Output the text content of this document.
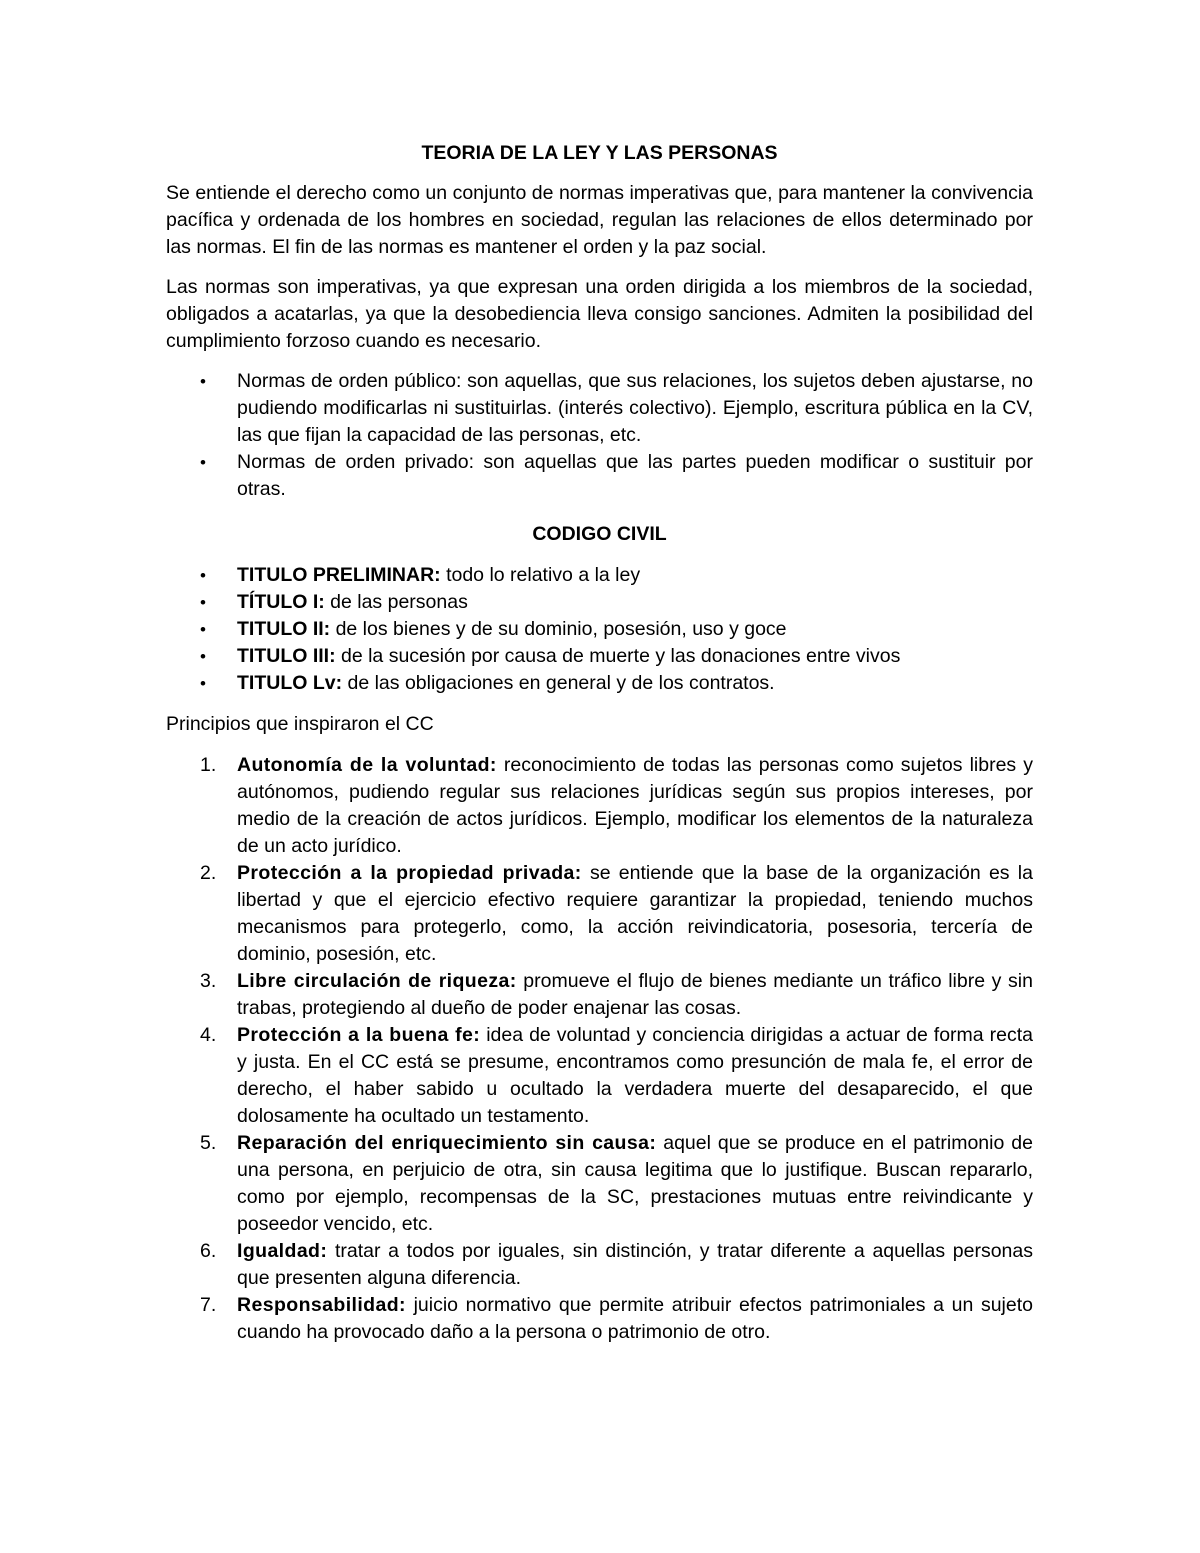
TEORIA DE LA LEY Y LAS PERSONAS

Se entiende el derecho como un conjunto de normas imperativas que, para mantener la convivencia pacífica y ordenada de los hombres en sociedad, regulan las relaciones de ellos determinado por las normas. El fin de las normas es mantener el orden y la paz social.

Las normas son imperativas, ya que expresan una orden dirigida a los miembros de la sociedad, obligados a acatarlas, ya que la desobediencia lleva consigo sanciones. Admiten la posibilidad del cumplimiento forzoso cuando es necesario.

• Normas de orden público: son aquellas, que sus relaciones, los sujetos deben ajustarse, no pudiendo modificarlas ni sustituirlas. (interés colectivo). Ejemplo, escritura pública en la CV, las que fijan la capacidad de las personas, etc.
• Normas de orden privado: son aquellas que las partes pueden modificar o sustituir por otras.
CODIGO CIVIL
• TITULO PRELIMINAR: todo lo relativo a la ley
• TÍTULO I: de las personas
• TITULO II: de los bienes y de su dominio, posesión, uso y goce
• TITULO III: de la sucesión por causa de muerte y las donaciones entre vivos
• TITULO Lv: de las obligaciones en general y de los contratos.
Principios que inspiraron el CC
1. Autonomía de la voluntad: reconocimiento de todas las personas como sujetos libres y autónomos, pudiendo regular sus relaciones jurídicas según sus propios intereses, por medio de la creación de actos jurídicos. Ejemplo, modificar los elementos de la naturaleza de un acto jurídico.
2. Protección a la propiedad privada: se entiende que la base de la organización es la libertad y que el ejercicio efectivo requiere garantizar la propiedad, teniendo muchos mecanismos para protegerlo, como, la acción reivindicatoria, posesoria, tercería de dominio, posesión, etc.
3. Libre circulación de riqueza: promueve el flujo de bienes mediante un tráfico libre y sin trabas, protegiendo al dueño de poder enajenar las cosas.
4. Protección a la buena fe: idea de voluntad y conciencia dirigidas a actuar de forma recta y justa. En el CC está se presume, encontramos como presunción de mala fe, el error de derecho, el haber sabido u ocultado la verdadera muerte del desaparecido, el que dolosamente ha ocultado un testamento.
5. Reparación del enriquecimiento sin causa: aquel que se produce en el patrimonio de una persona, en perjuicio de otra, sin causa legitima que lo justifique. Buscan repararlo, como por ejemplo, recompensas de la SC, prestaciones mutuas entre reivindicante y poseedor vencido, etc.
6. Igualdad: tratar a todos por iguales, sin distinción, y tratar diferente a aquellas personas que presenten alguna diferencia.
7. Responsabilidad: juicio normativo que permite atribuir efectos patrimoniales a un sujeto cuando ha provocado daño a la persona o patrimonio de otro.
